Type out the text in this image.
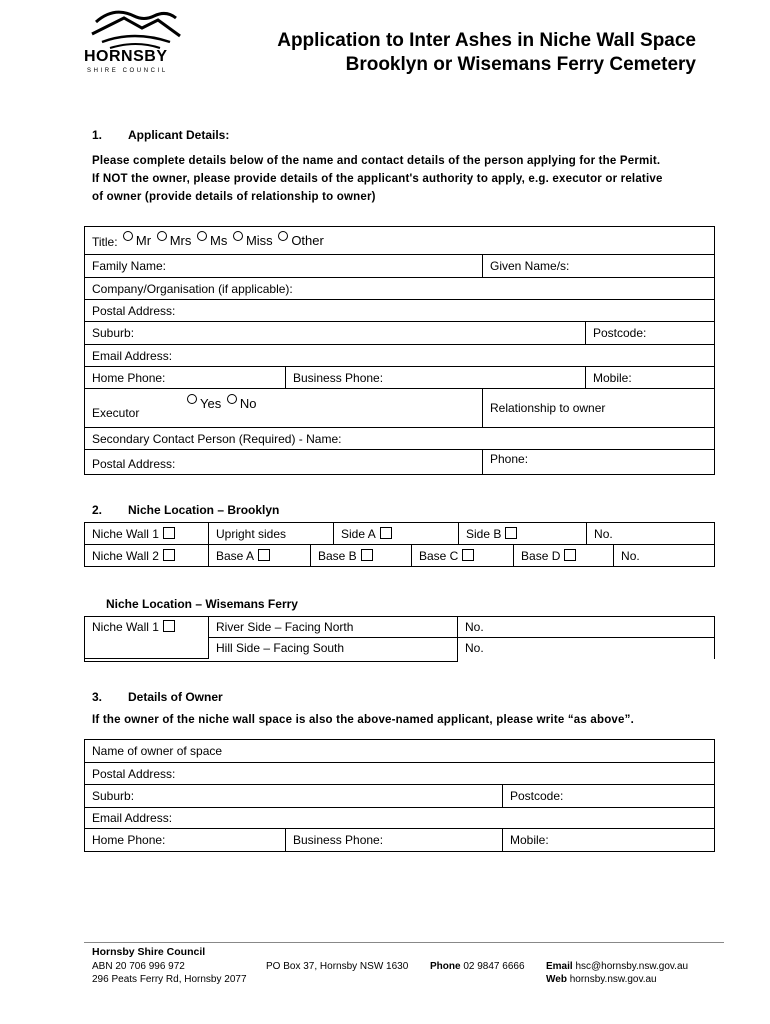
HORNSBY
SHIRE COUNCIL
Application to Inter Ashes in Niche Wall Space
Brooklyn or Wisemans Ferry Cemetery
1. Applicant Details:
Please complete details below of the name and contact details of the person applying for the Permit.
If NOT the owner, please provide details of the applicant's authority to apply, e.g. executor or relative
of owner (provide details of relationship to owner)
Title: Mr Mrs Ms Miss Other			
Family Name:		Given Name/s:	
Company/Organisation (if applicable):			
Postal Address:			
Suburb:			Postcode:
Email Address:			
Home Phone:	Business Phone:		Mobile:

Executor
Yes No		Relationship to owner	
Secondary Contact Person (Required) - Name:			
Postal Address:		Phone:	
2. Niche Location – Brooklyn
Niche Wall 1	Upright sides		Side A		Side B		No.	
Niche Wall 2	Base A	Base B		Base C		Base D		No.
Niche Location – Wisemans Ferry
Niche Wall 1	River Side – Facing North	No.
	Hill Side – Facing South	No.

3. Details of Owner
If the owner of the niche wall space is also the above-named applicant, please write “as above”.
Name of owner of space		
Postal Address:		
Suburb:		Postcode:
Email Address:		
Home Phone:	Business Phone:	Mobile:
Hornsby Shire Council
ABN 20 706 996 972
296 Peats Ferry Rd, Hornsby 2077
PO Box 37, Hornsby NSW 1630 Phone 02 9847 6666 Email hsc@hornsby.nsw.gov.au
Web hornsby.nsw.gov.au
